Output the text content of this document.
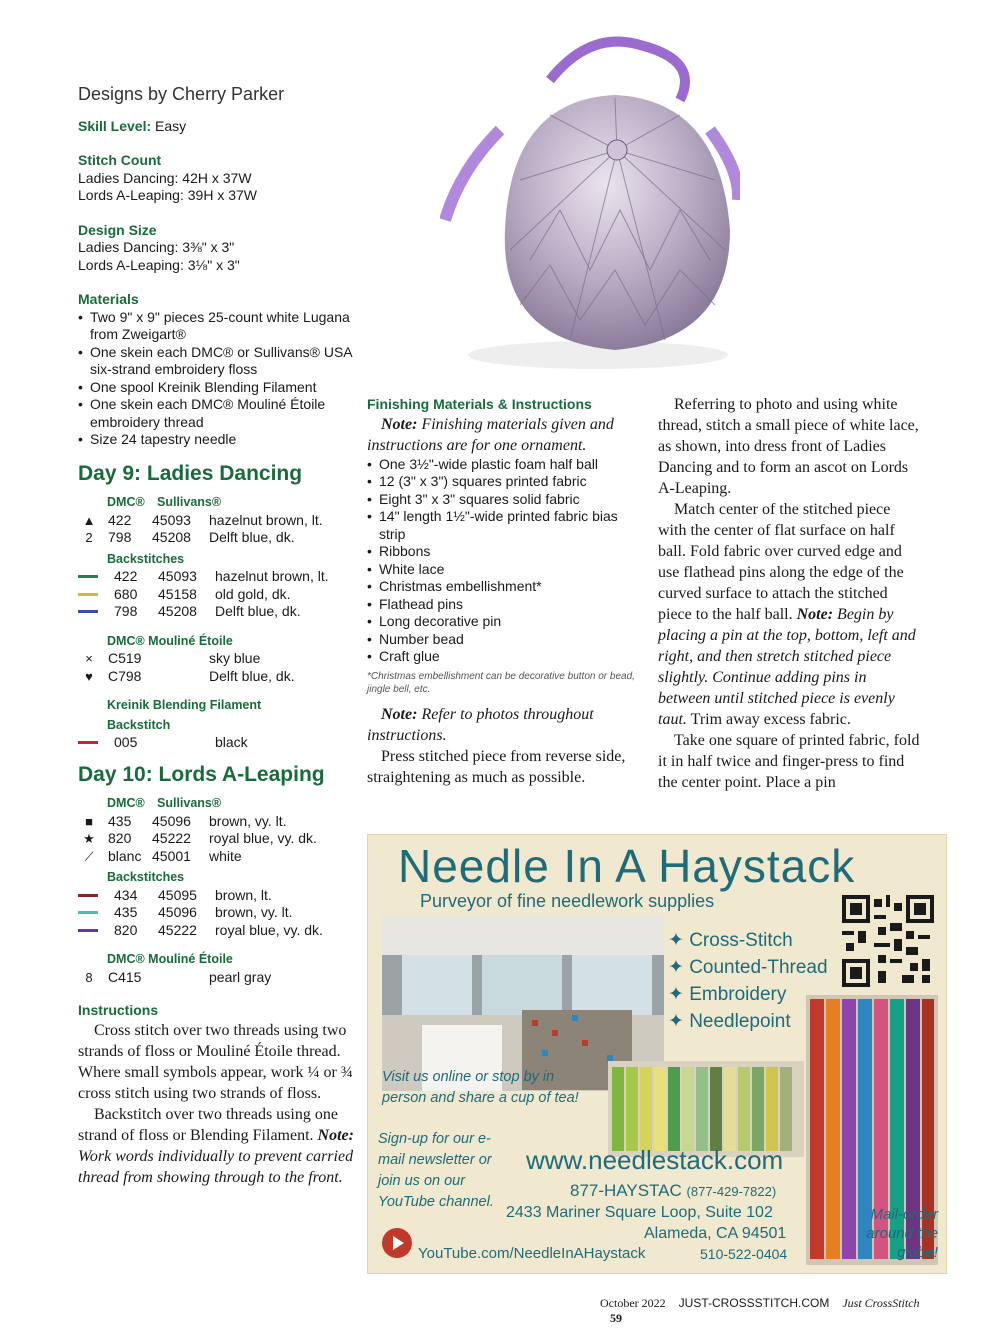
Designs by Cherry Parker
Skill Level: Easy
Stitch Count
Ladies Dancing: 42H x 37W
Lords A-Leaping: 39H x 37W
Design Size
Ladies Dancing: 3⅜" x 3"
Lords A-Leaping: 3⅛" x 3"
Materials
• Two 9" x 9" pieces 25-count white Lugana from Zweigart®
• One skein each DMC® or Sullivans® USA six-strand embroidery floss
• One spool Kreinik Blending Filament
• One skein each DMC® Mouliné Étoile embroidery thread
• Size 24 tapestry needle
Day 9: Ladies Dancing
DMC® Sullivans®
▲ 422	45093	hazelnut brown, lt.
2	798	45208	Delft blue, dk.
Backstitches
422	45093	hazelnut brown, lt.
680	45158	old gold, dk.
798	45208	Delft blue, dk.
DMC® Mouliné Étoile
×	C519	sky blue
♥	C798	Delft blue, dk.
Kreinik Blending Filament
Backstitch
005	black
Day 10: Lords A-Leaping
DMC® Sullivans®
■	435	45096	brown, vy. lt.
★ 820	45222	royal blue, vy. dk.
⟋	blanc 45001	white
Backstitches
434	45095	brown, lt.
435	45096	brown, vy. lt.
820	45222	royal blue, vy. dk.
DMC® Mouliné Étoile
8	C415	pearl gray
Instructions
Cross stitch over two threads using two strands of floss or Mouliné Étoile thread. Where small symbols appear, work ¼ or ¾ cross stitch using two strands of floss.
Backstitch over two threads using one strand of floss or Blending Filament. Note: Work words individually to prevent carried thread from showing through to the front.
Finishing Materials & Instructions
Note: Finishing materials given and instructions are for one ornament.
• One 3½"-wide plastic foam half ball
• 12 (3" x 3") squares printed fabric
• Eight 3" x 3" squares solid fabric
• 14" length 1½"-wide printed fabric bias strip
• Ribbons
• White lace
• Christmas embellishment*
• Flathead pins
• Long decorative pin
• Number bead
• Craft glue
*Christmas embellishment can be decorative button or bead, jingle bell, etc.
Note: Refer to photos throughout instructions.
Press stitched piece from reverse side, straightening as much as possible.
Referring to photo and using white thread, stitch a small piece of white lace, as shown, into dress front of Ladies Dancing and to form an ascot on Lords A-Leaping.
Match center of the stitched piece with the center of flat surface on half ball. Fold fabric over curved edge and use flathead pins along the edge of the curved surface to attach the stitched piece to the half ball. Note: Begin by placing a pin at the top, bottom, left and right, and then stretch stitched piece slightly. Continue adding pins in between until stitched piece is evenly taut. Trim away excess fabric.
Take one square of printed fabric, fold it in half twice and finger-press to find the center point. Place a pin
Needle In A Haystack
Purveyor of fine needlework supplies
✦ Cross-Stitch
✦ Counted-Thread
✦ Embroidery
✦ Needlepoint
Visit us online or stop by in person and share a cup of tea!
Sign-up for our e-mail newsletter or join us on our YouTube channel.
www.needlestack.com
877-HAYSTAC (877-429-7822)
2433 Mariner Square Loop, Suite 102
Alameda, CA 94501
YouTube.com/NeedleInAHaystack	510-522-0404
Mail-order around the globe!
October 2022 JUST-CROSSSTITCH.COM Just CrossStitch 59
